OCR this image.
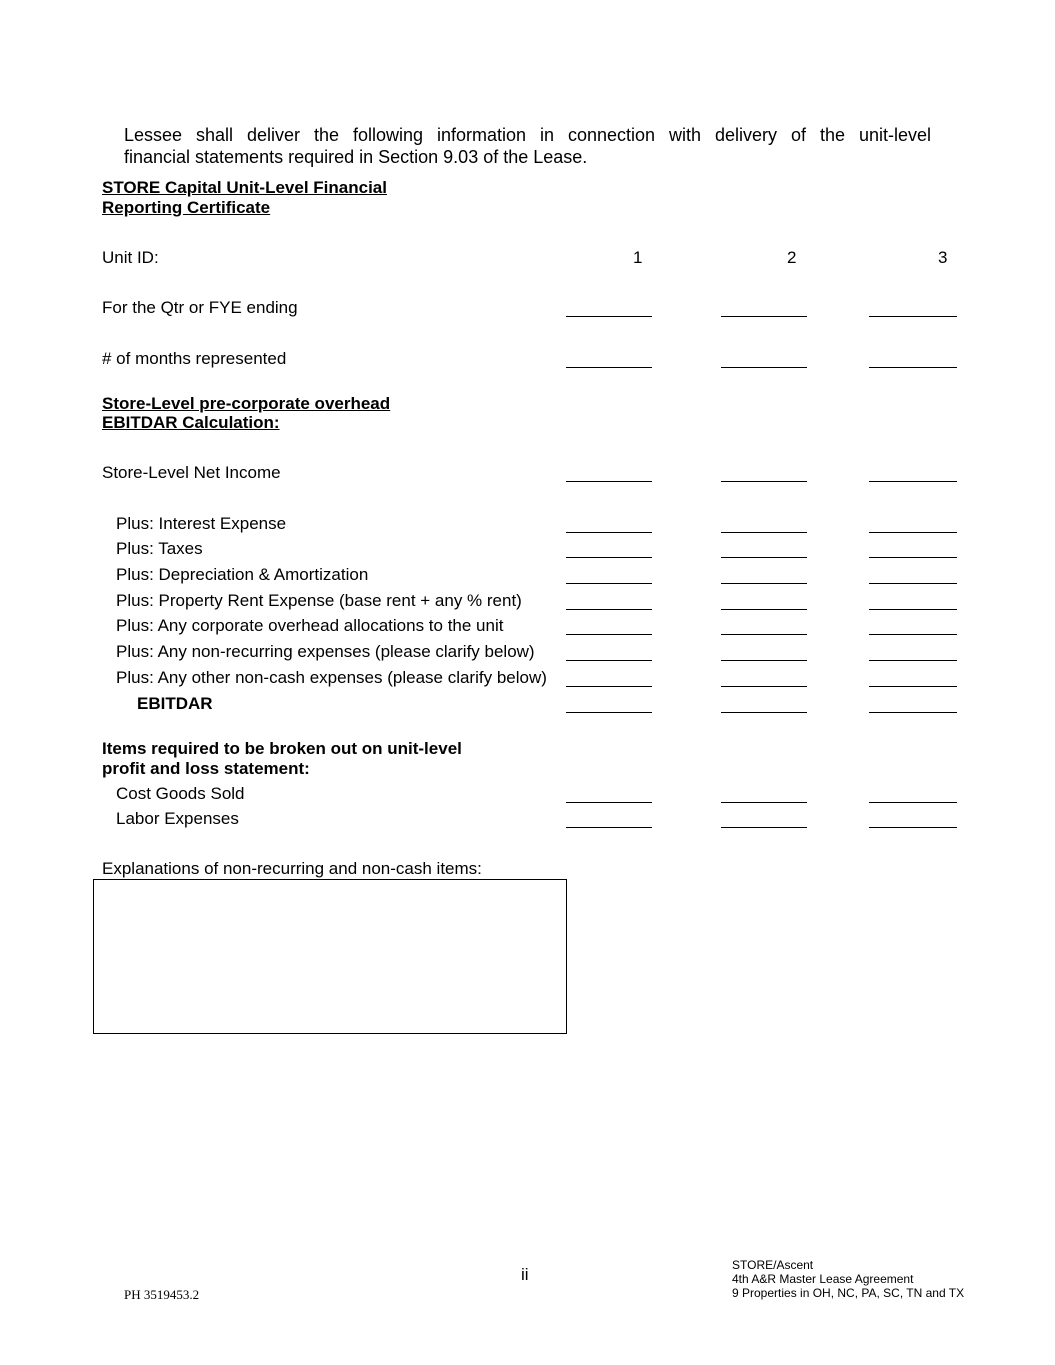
Lessee shall deliver the following information in connection with delivery of the unit-level
financial statements required in Section 9.03 of the Lease.
STORE Capital Unit-Level Financial
Reporting Certificate
Unit ID:	1	2	3
For the Qtr or FYE ending
# of months represented
Store-Level pre-corporate overhead
EBITDAR Calculation:
Store-Level Net Income
Plus: Interest Expense
Plus: Taxes
Plus: Depreciation & Amortization
Plus: Property Rent Expense (base rent + any % rent)
Plus: Any corporate overhead allocations to the unit
Plus: Any non-recurring expenses (please clarify below)
Plus: Any other non-cash expenses (please clarify below)
EBITDAR
Items required to be broken out on unit-level
profit and loss statement:
Cost Goods Sold
Labor Expenses
Explanations of non-recurring and non-cash items:
PH 3519453.2
ii	STORE/Ascent
4th A&R Master Lease Agreement
9 Properties in OH, NC, PA, SC, TN and TX
